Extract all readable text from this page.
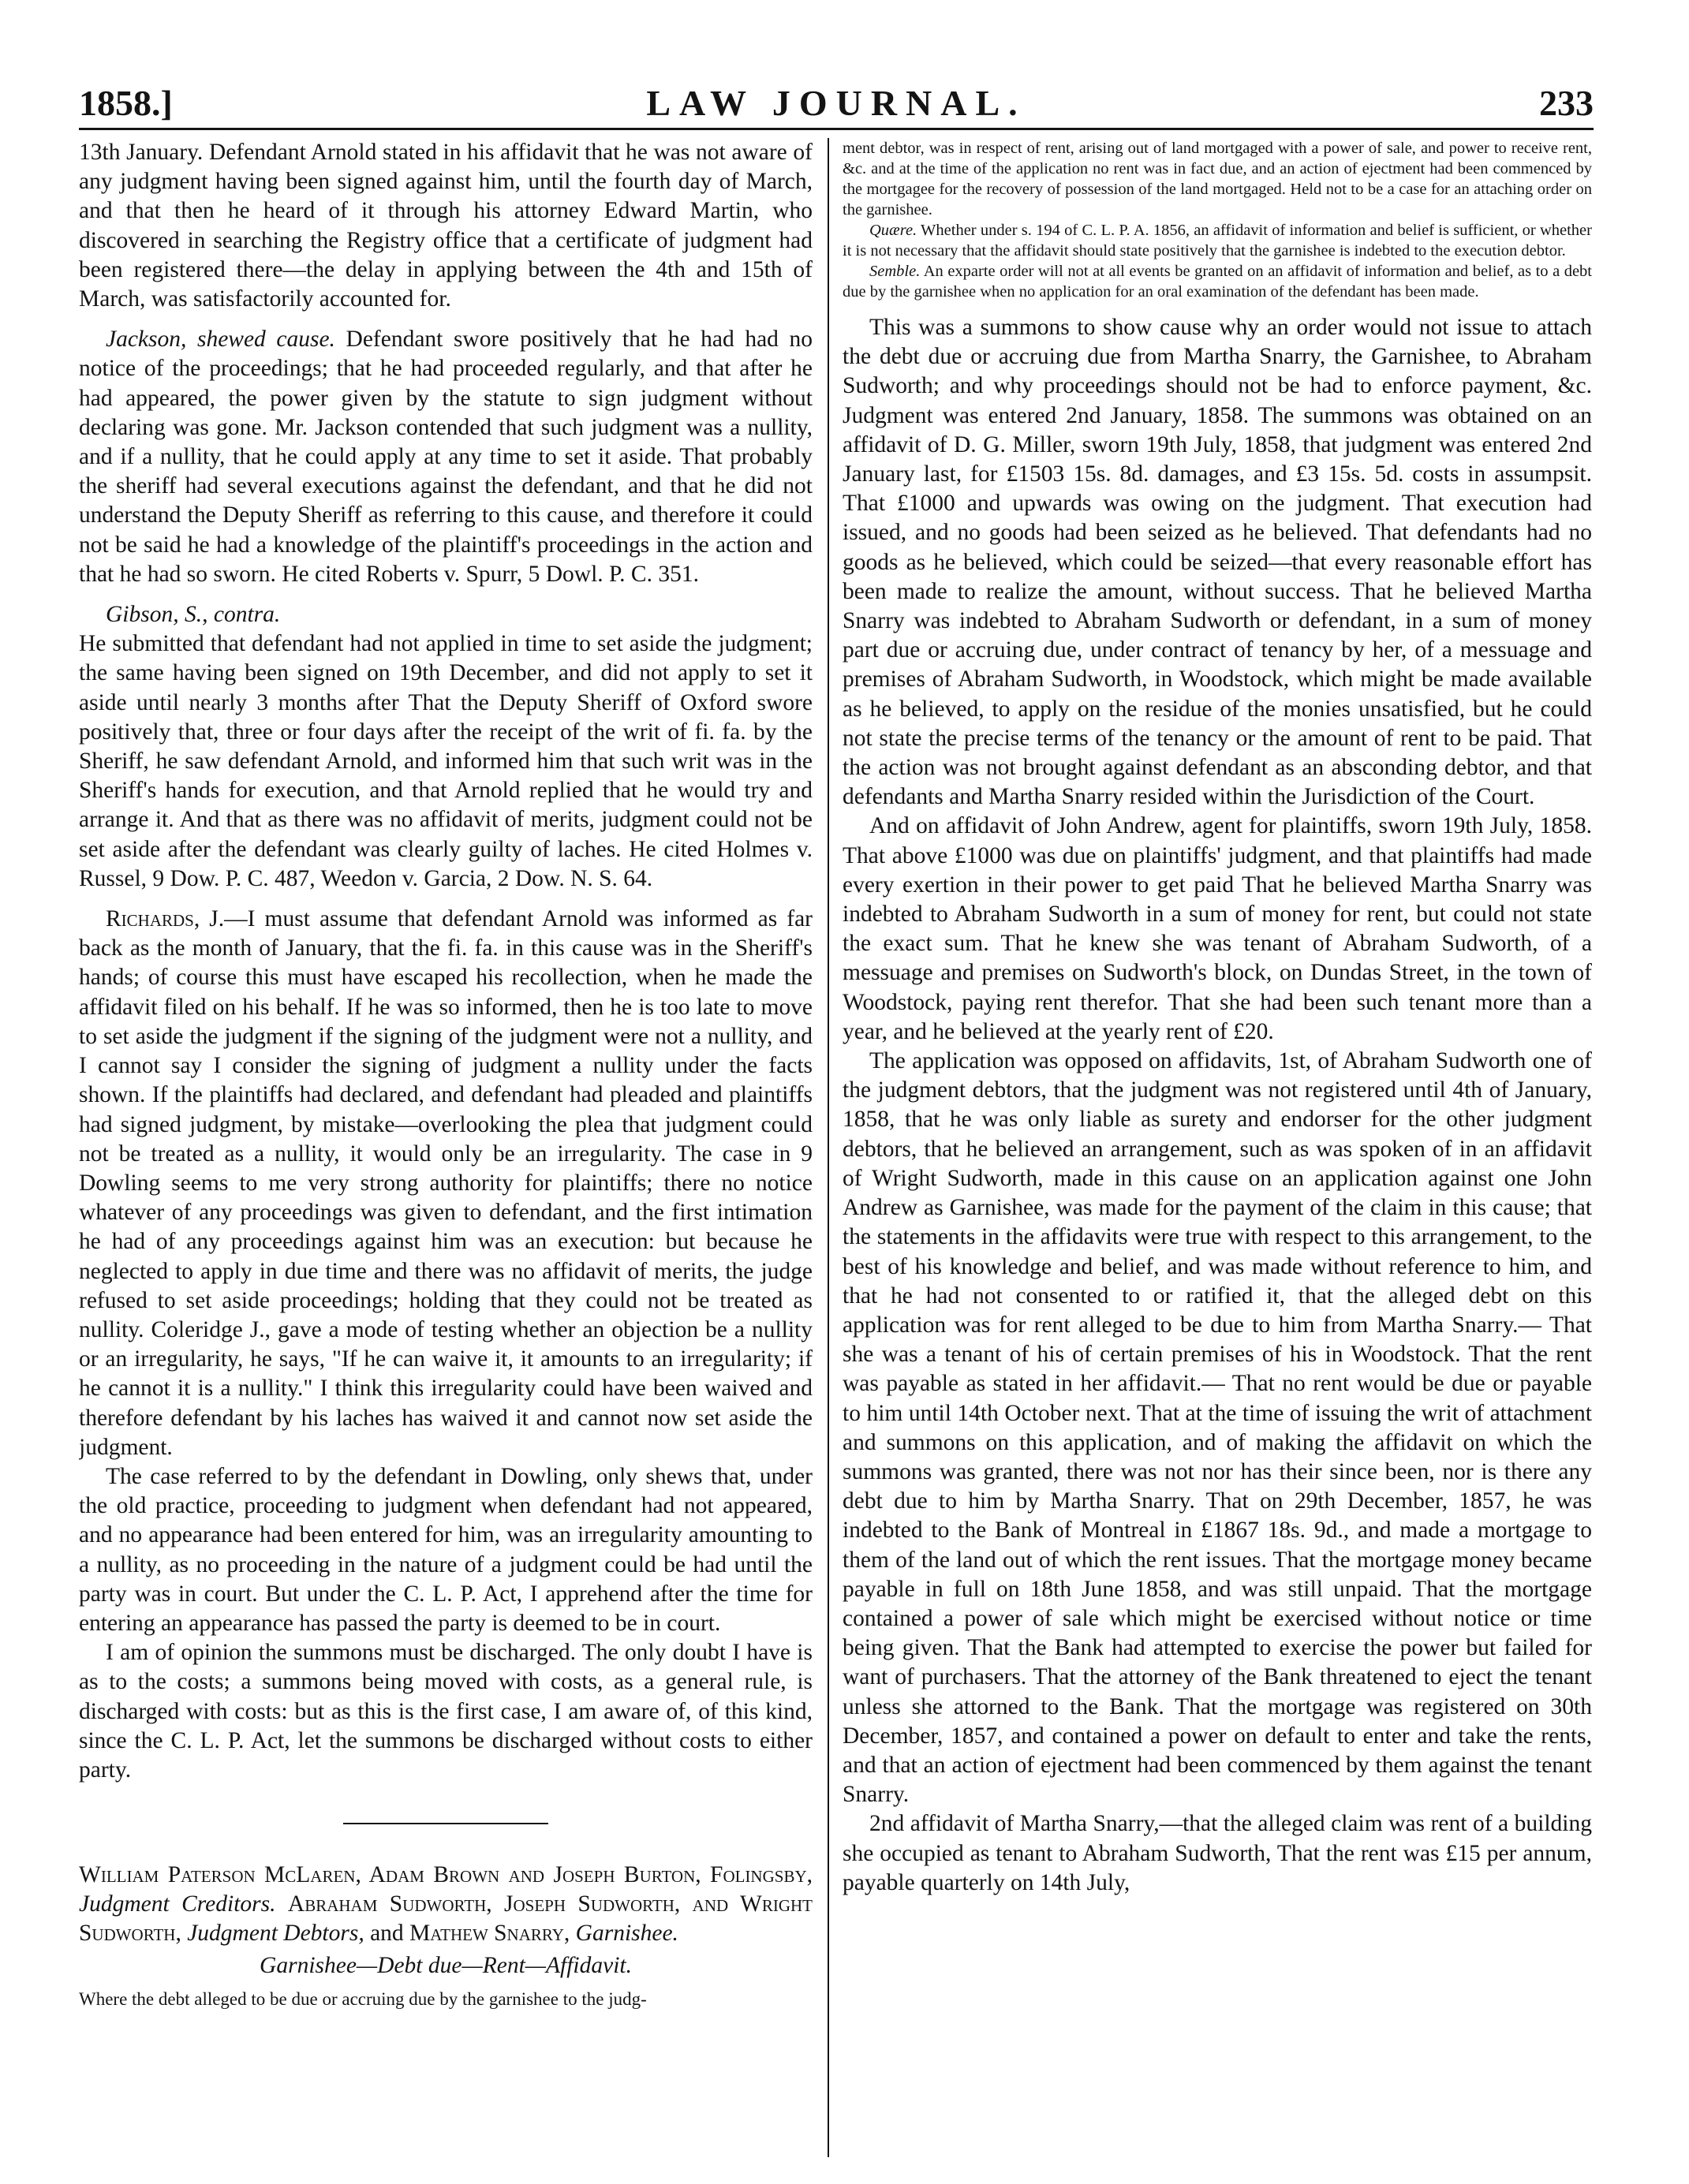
1858.]	LAW JOURNAL.	233

13th January. Defendant Arnold stated in his affidavit that he was not aware of any judgment having been signed against him, until the fourth day of March, and that then he heard of it through his attorney Edward Martin, who discovered in searching the Registry office that a certificate of judgment had been registered there—the delay in applying between the 4th and 15th of March, was satisfactorily accounted for.

Jackson, shewed cause. Defendant swore positively that he had had no notice of the proceedings; that he had proceeded regularly, and that after he had appeared, the power given by the statute to sign judgment without declaring was gone. Mr. Jackson contended that such judgment was a nullity, and if a nullity, that he could apply at any time to set it aside. That probably the sheriff had several executions against the defendant, and that he did not understand the Deputy Sheriff as referring to this cause, and therefore it could not be said he had a knowledge of the plaintiff's proceedings in the action and that he had so sworn. He cited Roberts v. Spurr, 5 Dowl. P. C. 351.

Gibson, S., contra.

He submitted that defendant had not applied in time to set aside the judgment; the same having been signed on 19th December, and did not apply to set it aside until nearly 3 months after That the Deputy Sheriff of Oxford swore positively that, three or four days after the receipt of the writ of fi. fa. by the Sheriff, he saw defendant Arnold, and informed him that such writ was in the Sheriff's hands for execution, and that Arnold replied that he would try and arrange it. And that as there was no affidavit of merits, judgment could not be set aside after the defendant was clearly guilty of laches. He cited Holmes v. Russel, 9 Dow. P. C. 487, Weedon v. Garcia, 2 Dow. N. S. 64.

Richards, J.—I must assume that defendant Arnold was informed as far back as the month of January, that the fi. fa. in this cause was in the Sheriff's hands; of course this must have escaped his recollection, when he made the affidavit filed on his behalf. If he was so informed, then he is too late to move to set aside the judgment if the signing of the judgment were not a nullity, and I cannot say I consider the signing of judgment a nullity under the facts shown. If the plaintiffs had declared, and defendant had pleaded and plaintiffs had signed judgment, by mistake—overlooking the plea that judgment could not be treated as a nullity, it would only be an irregularity. The case in 9 Dowling seems to me very strong authority for plaintiffs; there no notice whatever of any proceedings was given to defendant, and the first intimation he had of any proceedings against him was an execution: but because he neglected to apply in due time and there was no affidavit of merits, the judge refused to set aside proceedings; holding that they could not be treated as nullity. Coleridge J., gave a mode of testing whether an objection be a nullity or an irregularity, he says, "If he can waive it, it amounts to an irregularity; if he cannot it is a nullity." I think this irregularity could have been waived and therefore defendant by his laches has waived it and cannot now set aside the judgment.

The case referred to by the defendant in Dowling, only shews that, under the old practice, proceeding to judgment when defendant had not appeared, and no appearance had been entered for him, was an irregularity amounting to a nullity, as no proceeding in the nature of a judgment could be had until the party was in court. But under the C. L. P. Act, I apprehend after the time for entering an appearance has passed the party is deemed to be in court.

I am of opinion the summons must be discharged. The only doubt I have is as to the costs; a summons being moved with costs, as a general rule, is discharged with costs: but as this is the first case, I am aware of, of this kind, since the C. L. P. Act, let the summons be discharged without costs to either party.

William Paterson McLaren, Adam Brown and Joseph Burton, Folingsby, Judgment Creditors. Abraham Sudworth, Joseph Sudworth, and Wright Sudworth, Judgment Debtors, and Mathew Snarry, Garnishee.

Garnishee—Debt due—Rent—Affidavit.

Where the debt alleged to be due or accruing due by the garnishee to the judg-

ment debtor, was in respect of rent, arising out of land mortgaged with a power of sale, and power to receive rent, &c. and at the time of the application no rent was in fact due, and an action of ejectment had been commenced by the mortgagee for the recovery of possession of the land mortgaged. Held not to be a case for an attaching order on the garnishee.

Quære. Whether under s. 194 of C. L. P. A. 1856, an affidavit of information and belief is sufficient, or whether it is not necessary that the affidavit should state positively that the garnishee is indebted to the execution debtor.

Semble. An exparte order will not at all events be granted on an affidavit of information and belief, as to a debt due by the garnishee when no application for an oral examination of the defendant has been made.

This was a summons to show cause why an order would not issue to attach the debt due or accruing due from Martha Snarry, the Garnishee, to Abraham Sudworth; and why proceedings should not be had to enforce payment, &c. Judgment was entered 2nd January, 1858. The summons was obtained on an affidavit of D. G. Miller, sworn 19th July, 1858, that judgment was entered 2nd January last, for £1503 15s. 8d. damages, and £3 15s. 5d. costs in assumpsit. That £1000 and upwards was owing on the judgment. That execution had issued, and no goods had been seized as he believed. That defendants had no goods as he believed, which could be seized—that every reasonable effort has been made to realize the amount, without success. That he believed Martha Snarry was indebted to Abraham Sudworth or defendant, in a sum of money part due or accruing due, under contract of tenancy by her, of a messuage and premises of Abraham Sudworth, in Woodstock, which might be made available as he believed, to apply on the residue of the monies unsatisfied, but he could not state the precise terms of the tenancy or the amount of rent to be paid. That the action was not brought against defendant as an absconding debtor, and that defendants and Martha Snarry resided within the Jurisdiction of the Court.

And on affidavit of John Andrew, agent for plaintiffs, sworn 19th July, 1858. That above £1000 was due on plaintiffs' judgment, and that plaintiffs had made every exertion in their power to get paid That he believed Martha Snarry was indebted to Abraham Sudworth in a sum of money for rent, but could not state the exact sum. That he knew she was tenant of Abraham Sudworth, of a messuage and premises on Sudworth's block, on Dundas Street, in the town of Woodstock, paying rent therefor. That she had been such tenant more than a year, and he believed at the yearly rent of £20.

The application was opposed on affidavits, 1st, of Abraham Sudworth one of the judgment debtors, that the judgment was not registered until 4th of January, 1858, that he was only liable as surety and endorser for the other judgment debtors, that he believed an arrangement, such as was spoken of in an affidavit of Wright Sudworth, made in this cause on an application against one John Andrew as Garnishee, was made for the payment of the claim in this cause; that the statements in the affidavits were true with respect to this arrangement, to the best of his knowledge and belief, and was made without reference to him, and that he had not consented to or ratified it, that the alleged debt on this application was for rent alleged to be due to him from Martha Snarry.— That she was a tenant of his of certain premises of his in Woodstock. That the rent was payable as stated in her affidavit.— That no rent would be due or payable to him until 14th October next. That at the time of issuing the writ of attachment and summons on this application, and of making the affidavit on which the summons was granted, there was not nor has their since been, nor is there any debt due to him by Martha Snarry. That on 29th December, 1857, he was indebted to the Bank of Montreal in £1867 18s. 9d., and made a mortgage to them of the land out of which the rent issues. That the mortgage money became payable in full on 18th June 1858, and was still unpaid. That the mortgage contained a power of sale which might be exercised without notice or time being given. That the Bank had attempted to exercise the power but failed for want of purchasers. That the attorney of the Bank threatened to eject the tenant unless she attorned to the Bank. That the mortgage was registered on 30th December, 1857, and contained a power on default to enter and take the rents, and that an action of ejectment had been commenced by them against the tenant Snarry.

2nd affidavit of Martha Snarry,—that the alleged claim was rent of a building she occupied as tenant to Abraham Sudworth, That the rent was £15 per annum, payable quarterly on 14th July,
